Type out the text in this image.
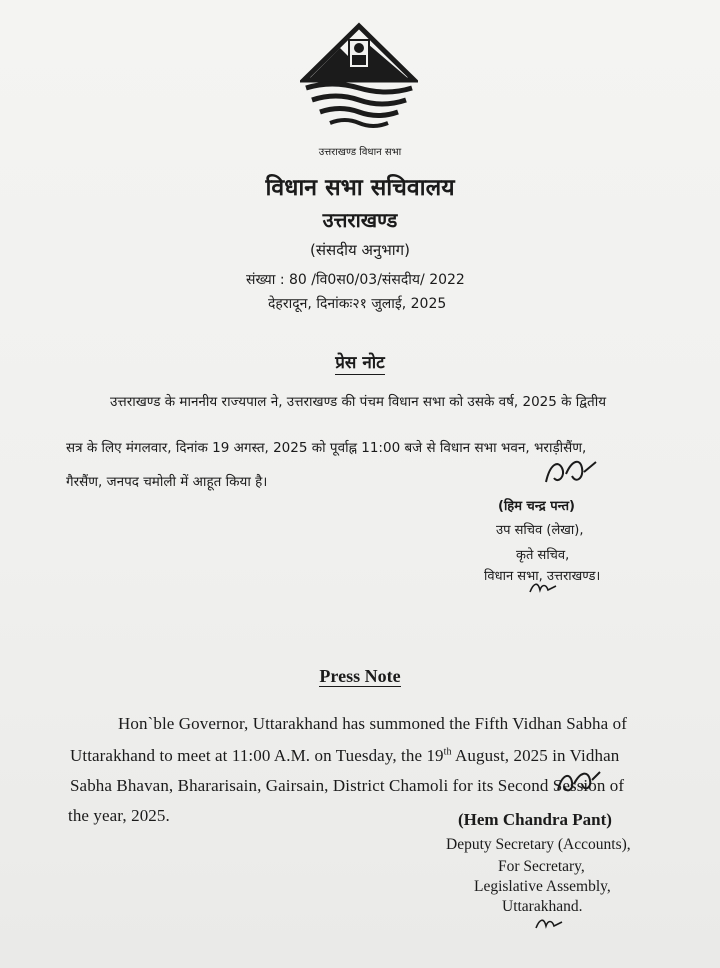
उत्तराखण्ड विधान सभा
विधान सभा सचिवालय
उत्तराखण्ड
(संसदीय अनुभाग)
संख्या : 80 /वि0स0/03/संसदीय/ 2022
देहरादून, दिनांकः२१ जुलाई, 2025
प्रेस नोट
उत्तराखण्ड के माननीय राज्यपाल ने, उत्तराखण्ड की पंचम विधान सभा को उसके वर्ष, 2025 के द्वितीय
सत्र के लिए मंगलवार, दिनांक 19 अगस्त, 2025 को पूर्वाह्न 11:00 बजे से विधान सभा भवन, भराड़ीसैंण,
गैरसैंण, जनपद चमोली में आहूत किया है।
(हिम चन्द्र पन्त)
उप सचिव (लेखा),
कृते सचिव,
विधान सभा, उत्तराखण्ड।
Press Note
Hon`ble Governor, Uttarakhand has summoned the Fifth Vidhan Sabha of
Uttarakhand to meet at 11:00 A.M. on Tuesday, the 19th August, 2025 in Vidhan
Sabha Bhavan, Bhararisain, Gairsain, District Chamoli for its Second Session of
the year, 2025.	(Hem Chandra Pant)
Deputy Secretary (Accounts),
For Secretary,
Legislative Assembly,
Uttarakhand.
